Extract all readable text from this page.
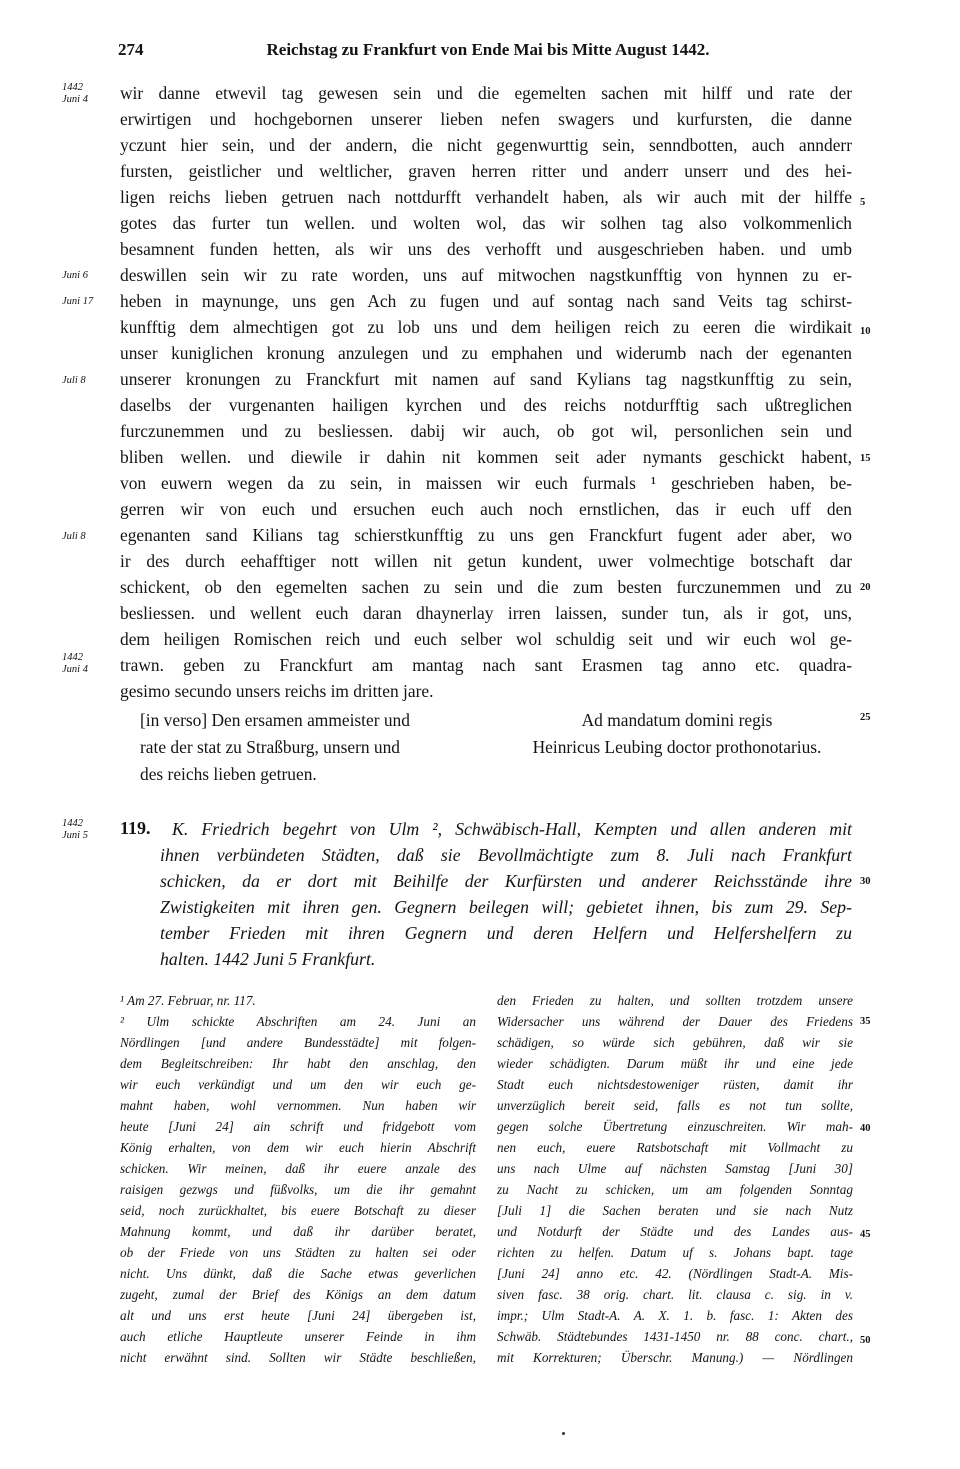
274	Reichstag zu Frankfurt von Ende Mai bis Mitte August 1442.
1442
Juni 4
Juni 6
Juni 17
Juli 8
Juli 8
1442
Juni 4
1442
Juni 5
5
10
15
20
25
30
35
40
45
50
wir danne etwevil tag gewesen sein und die egemelten sachen mit hilff und rate der
erwirtigen und hochgebornen unserer lieben nefen swagers und kurfursten, die danne
yczunt hier sein, und der andern, die nicht gegenwurttig sein, senndbotten, auch annderr
fursten, geistlicher und weltlicher, graven herren ritter und anderr unserr und des hei-
ligen reichs lieben getruen nach nottdurfft verhandelt haben, als wir auch mit der hilffe
gotes das furter tun wellen. und wolten wol, das wir solhen tag also volkommenlich
besamnent funden hetten, als wir uns des verhofft und ausgeschrieben haben. und umb
deswillen sein wir zu rate worden, uns auf mitwochen nagstkunfftig von hynnen zu er-
heben in maynunge, uns gen Ach zu fugen und auf sontag nach sand Veits tag schirst-
kunfftig dem almechtigen got zu lob uns und dem heiligen reich zu eeren die wirdikait
unser kuniglichen kronung anzulegen und zu emphahen und widerumb nach der egenanten
unserer kronungen zu Franckfurt mit namen auf sand Kylians tag nagstkunfftig zu sein,
daselbs der vurgenanten hailigen kyrchen und des reichs notdurfftig sach ußtreglichen
furczunemmen und zu besliessen. dabij wir auch, ob got wil, personlichen sein und
bliben wellen. und diewile ir dahin nit kommen seit ader nymants geschickt habent,
von euwern wegen da zu sein, in maissen wir euch furmals ¹ geschrieben haben, be-
gerren wir von euch und ersuchen euch auch noch ernstlichen, das ir euch uff den
egenanten sand Kilians tag schierstkunfftig zu uns gen Franckfurt fugent ader aber, wo
ir des durch eehafftiger nott willen nit getun kundent, uwer volmechtige botschaft dar
schickent, ob den egemelten sachen zu sein und die zum besten furczunemmen und zu
besliessen. und wellent euch daran dhaynerlay irren laissen, sunder tun, als ir got, uns,
dem heiligen Romischen reich und euch selber wol schuldig seit und wir euch wol ge-
trawn. geben zu Franckfurt am mantag nach sant Erasmen tag anno etc. quadra-
gesimo secundo unsers reichs im dritten jare.
[in verso] Den ersamen ammeister und
rate der stat zu Straßburg, unsern und
des reichs lieben getruen.
Ad mandatum domini regis
Heinricus Leubing doctor prothonotarius.
119. K. Friedrich begehrt von Ulm ², Schwäbisch-Hall, Kempten und allen anderen mit
ihnen verbündeten Städten, daß sie Bevollmächtigte zum 8. Juli nach Frankfurt
schicken, da er dort mit Beihilfe der Kurfürsten und anderer Reichsstände ihre
Zwistigkeiten mit ihren gen. Gegnern beilegen will; gebietet ihnen, bis zum 29. Sep-
tember Frieden mit ihren Gegnern und deren Helfern und Helfershelfern zu
halten. 1442 Juni 5 Frankfurt.
¹ Am 27. Februar, nr. 117.
² Ulm schickte Abschriften am 24. Juni an
Nördlingen [und andere Bundesstädte] mit folgen-
dem Begleitschreiben: Ihr habt den anschlag, den
wir euch verkündigt und um den wir euch ge-
mahnt haben, wohl vernommen. Nun haben wir
heute [Juni 24] ain schrift und fridgebott vom
König erhalten, von dem wir euch hierin Abschrift
schicken. Wir meinen, daß ihr euere anzale des
raisigen gezwgs und füßvolks, um die ihr gemahnt
seid, noch zurückhaltet, bis euere Botschaft zu dieser
Mahnung kommt, und daß ihr darüber beratet,
ob der Friede von uns Städten zu halten sei oder
nicht. Uns dünkt, daß die Sache etwas geverlichen
zugeht, zumal der Brief des Königs an dem datum
alt und uns erst heute [Juni 24] übergeben ist,
auch etliche Hauptleute unserer Feinde in ihm
nicht erwähnt sind. Sollten wir Städte beschließen,
den Frieden zu halten, und sollten trotzdem unsere
Widersacher uns während der Dauer des Friedens
schädigen, so würde sich gebühren, daß wir sie
wieder schädigten. Darum müßt ihr und eine jede
Stadt euch nichtsdestoweniger rüsten, damit ihr
unverzüglich bereit seid, falls es not tun sollte,
gegen solche Übertretung einzuschreiten. Wir mah-
nen euch, euere Ratsbotschaft mit Vollmacht zu
uns nach Ulme auf nächsten Samstag [Juni 30]
zu Nacht zu schicken, um am folgenden Sonntag
[Juli 1] die Sachen beraten und sie nach Nutz
und Notdurft der Städte und des Landes aus-
richten zu helfen. Datum uf s. Johans bapt. tage
[Juni 24] anno etc. 42. (Nördlingen Stadt-A. Mis-
siven fasc. 38 orig. chart. lit. clausa c. sig. in v.
impr.; Ulm Stadt-A. A. X. 1. b. fasc. 1: Akten des
Schwäb. Städtebundes 1431-1450 nr. 88 conc. chart.,
mit Korrekturen; Überschr. Manung.) — Nördlingen
